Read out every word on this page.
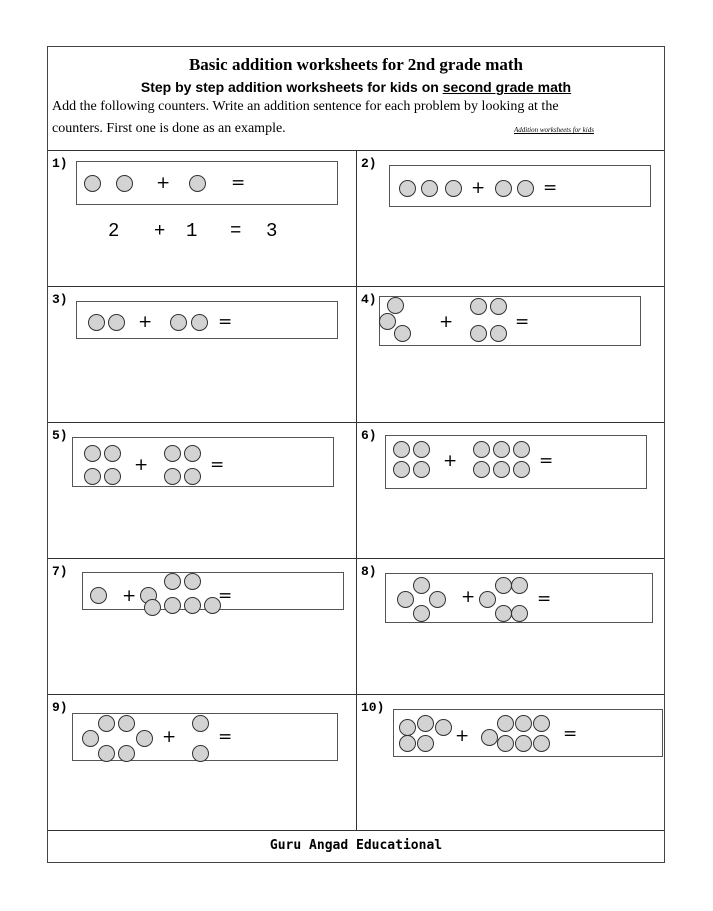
Basic addition worksheets for 2nd grade math
Step by step addition worksheets for kids on second grade math
Add the following counters. Write an addition sentence for each problem by looking at the
counters. First one is done as an example.	Addition worksheets for kids
1)
+	=
2 + 1 = 3
2)
+	=
3)
+	=
4)
+	=
5)
+	=
6)
+	=
7)
+	=
8)
+	=
9)
+ =
10)
+	=
Guru Angad Educational
